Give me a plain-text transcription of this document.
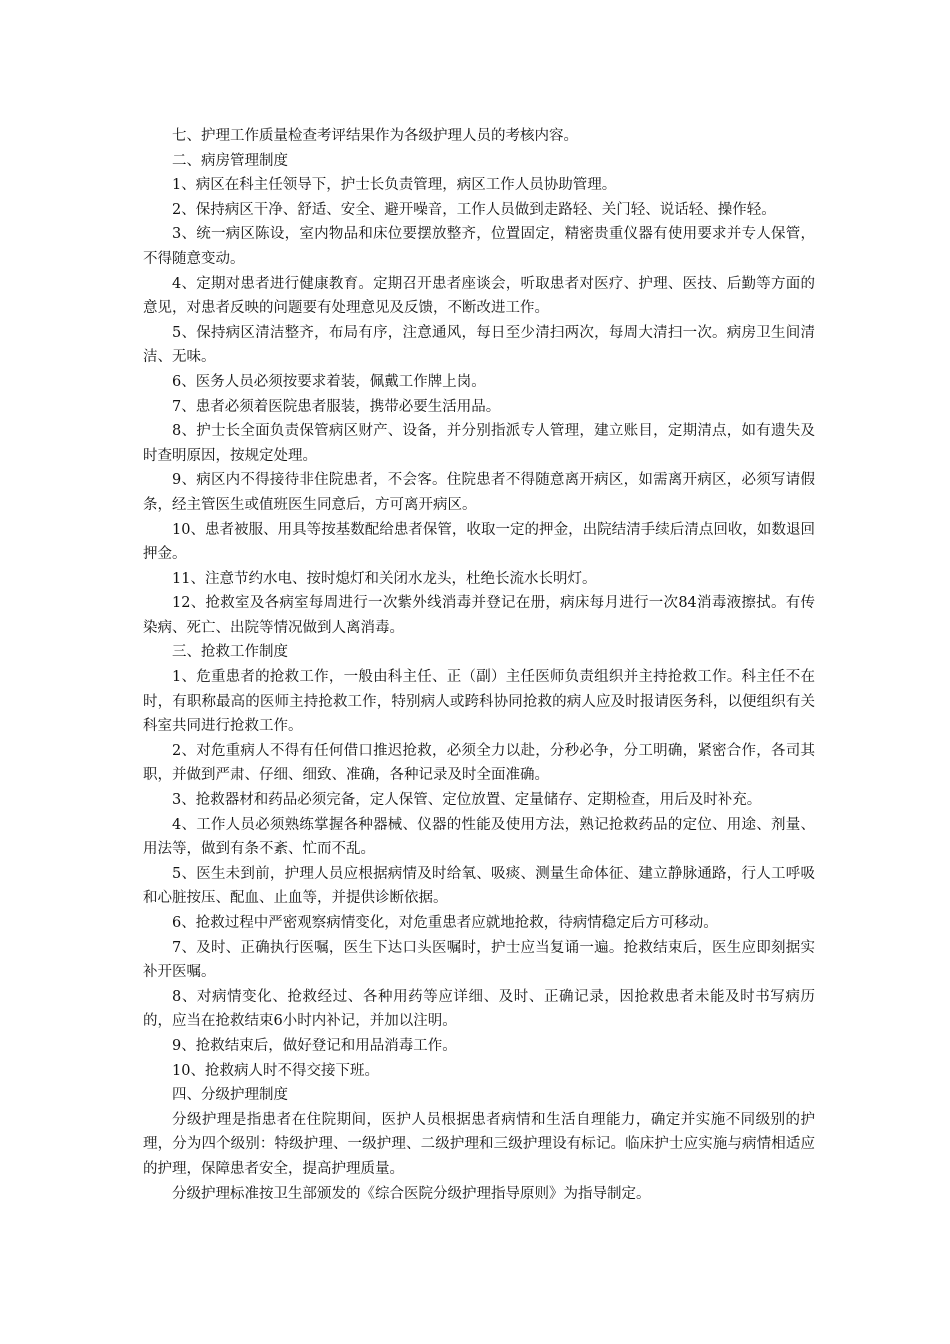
七、护理工作质量检查考评结果作为各级护理人员的考核内容。

二、病房管理制度

1、病区在科主任领导下，护士长负责管理，病区工作人员协助管理。

2、保持病区干净、舒适、安全、避开噪音，工作人员做到走路轻、关门轻、说话轻、操作轻。

3、统一病区陈设，室内物品和床位要摆放整齐，位置固定，精密贵重仪器有使用要求并专人保管，不得随意变动。

4、定期对患者进行健康教育。定期召开患者座谈会，听取患者对医疗、护理、医技、后勤等方面的意见，对患者反映的问题要有处理意见及反馈，不断改进工作。

5、保持病区清洁整齐，布局有序，注意通风，每日至少清扫两次，每周大清扫一次。病房卫生间清洁、无味。

6、医务人员必须按要求着装，佩戴工作牌上岗。

7、患者必须着医院患者服装，携带必要生活用品。

8、护士长全面负责保管病区财产、设备，并分别指派专人管理，建立账目，定期清点，如有遗失及时查明原因，按规定处理。

9、病区内不得接待非住院患者，不会客。住院患者不得随意离开病区，如需离开病区，必须写请假条，经主管医生或值班医生同意后，方可离开病区。

10、患者被服、用具等按基数配给患者保管，收取一定的押金，出院结清手续后清点回收，如数退回押金。

11、注意节约水电、按时熄灯和关闭水龙头，杜绝长流水长明灯。

12、抢救室及各病室每周进行一次紫外线消毒并登记在册，病床每月进行一次84消毒液擦拭。有传染病、死亡、出院等情况做到人离消毒。

三、抢救工作制度

1、危重患者的抢救工作，一般由科主任、正（副）主任医师负责组织并主持抢救工作。科主任不在时，有职称最高的医师主持抢救工作，特别病人或跨科协同抢救的病人应及时报请医务科，以便组织有关科室共同进行抢救工作。

2、对危重病人不得有任何借口推迟抢救，必须全力以赴，分秒必争，分工明确，紧密合作，各司其职，并做到严肃、仔细、细致、准确，各种记录及时全面准确。

3、抢救器材和药品必须完备，定人保管、定位放置、定量储存、定期检查，用后及时补充。

4、工作人员必须熟练掌握各种器械、仪器的性能及使用方法，熟记抢救药品的定位、用途、剂量、用法等，做到有条不紊、忙而不乱。

5、医生未到前，护理人员应根据病情及时给氧、吸痰、测量生命体征、建立静脉通路，行人工呼吸和心脏按压、配血、止血等，并提供诊断依据。

6、抢救过程中严密观察病情变化，对危重患者应就地抢救，待病情稳定后方可移动。

7、及时、正确执行医嘱，医生下达口头医嘱时，护士应当复诵一遍。抢救结束后，医生应即刻据实补开医嘱。

8、对病情变化、抢救经过、各种用药等应详细、及时、正确记录，因抢救患者未能及时书写病历的，应当在抢救结束6小时内补记，并加以注明。

9、抢救结束后，做好登记和用品消毒工作。

10、抢救病人时不得交接下班。

四、分级护理制度

分级护理是指患者在住院期间，医护人员根据患者病情和生活自理能力，确定并实施不同级别的护理，分为四个级别：特级护理、一级护理、二级护理和三级护理设有标记。临床护士应实施与病情相适应的护理，保障患者安全，提高护理质量。

分级护理标准按卫生部颁发的《综合医院分级护理指导原则》为指导制定。
